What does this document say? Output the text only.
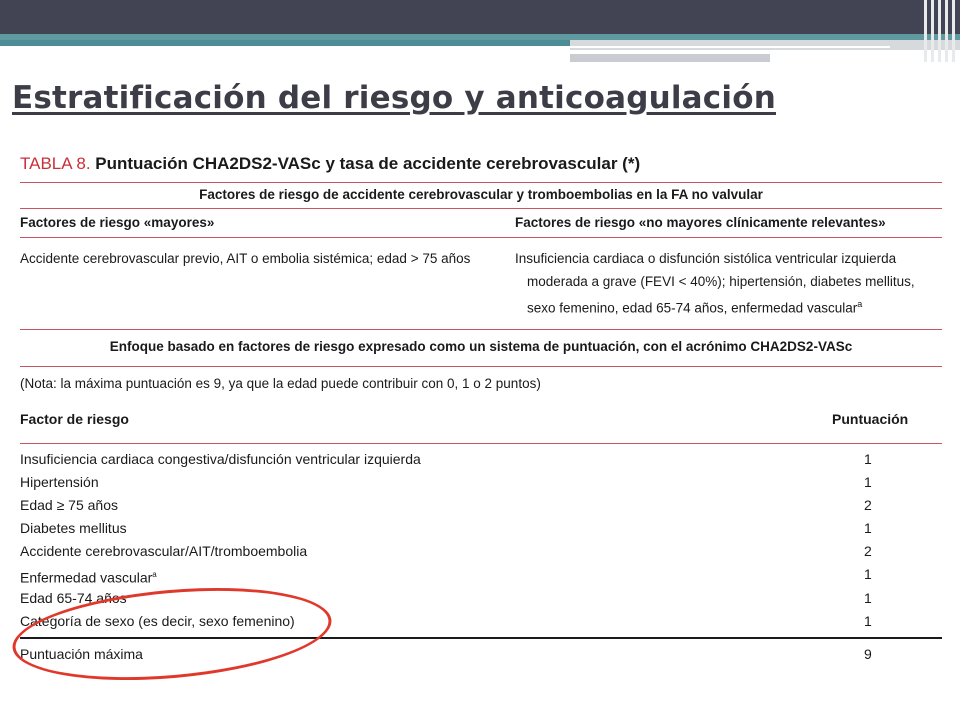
Estratificación del riesgo y anticoagulación
TABLA 8. Puntuación CHA2DS2-VASc y tasa de accidente cerebrovascular (*)
Factores de riesgo de accidente cerebrovascular y tromboembolias en la FA no valvular
Factores de riesgo «mayores»	Factores de riesgo «no mayores clínicamente relevantes»
Accidente cerebrovascular previo, AIT o embolia sistémica; edad > 75 años	Insuficiencia cardiaca o disfunción sistólica ventricular izquierda
moderada a grave (FEVI < 40%); hipertensión, diabetes mellitus,
sexo femenino, edad 65-74 años, enfermedad vascular$^a$
Enfoque basado en factores de riesgo expresado como un sistema de puntuación, con el acrónimo CHA2DS2-VASc
(Nota: la máxima puntuación es 9, ya que la edad puede contribuir con 0, 1 o 2 puntos)
Factor de riesgo	Puntuación
Insuficiencia cardiaca congestiva/disfunción ventricular izquierda	1
Hipertensión	1
Edad ≥ 75 años	2
Diabetes mellitus	1
Accidente cerebrovascular/AIT/tromboembolia	2
Enfermedad vascular$^a$	1
Edad 65-74 años	1
Categoría de sexo (es decir, sexo femenino)	1
Puntuación máxima	9
